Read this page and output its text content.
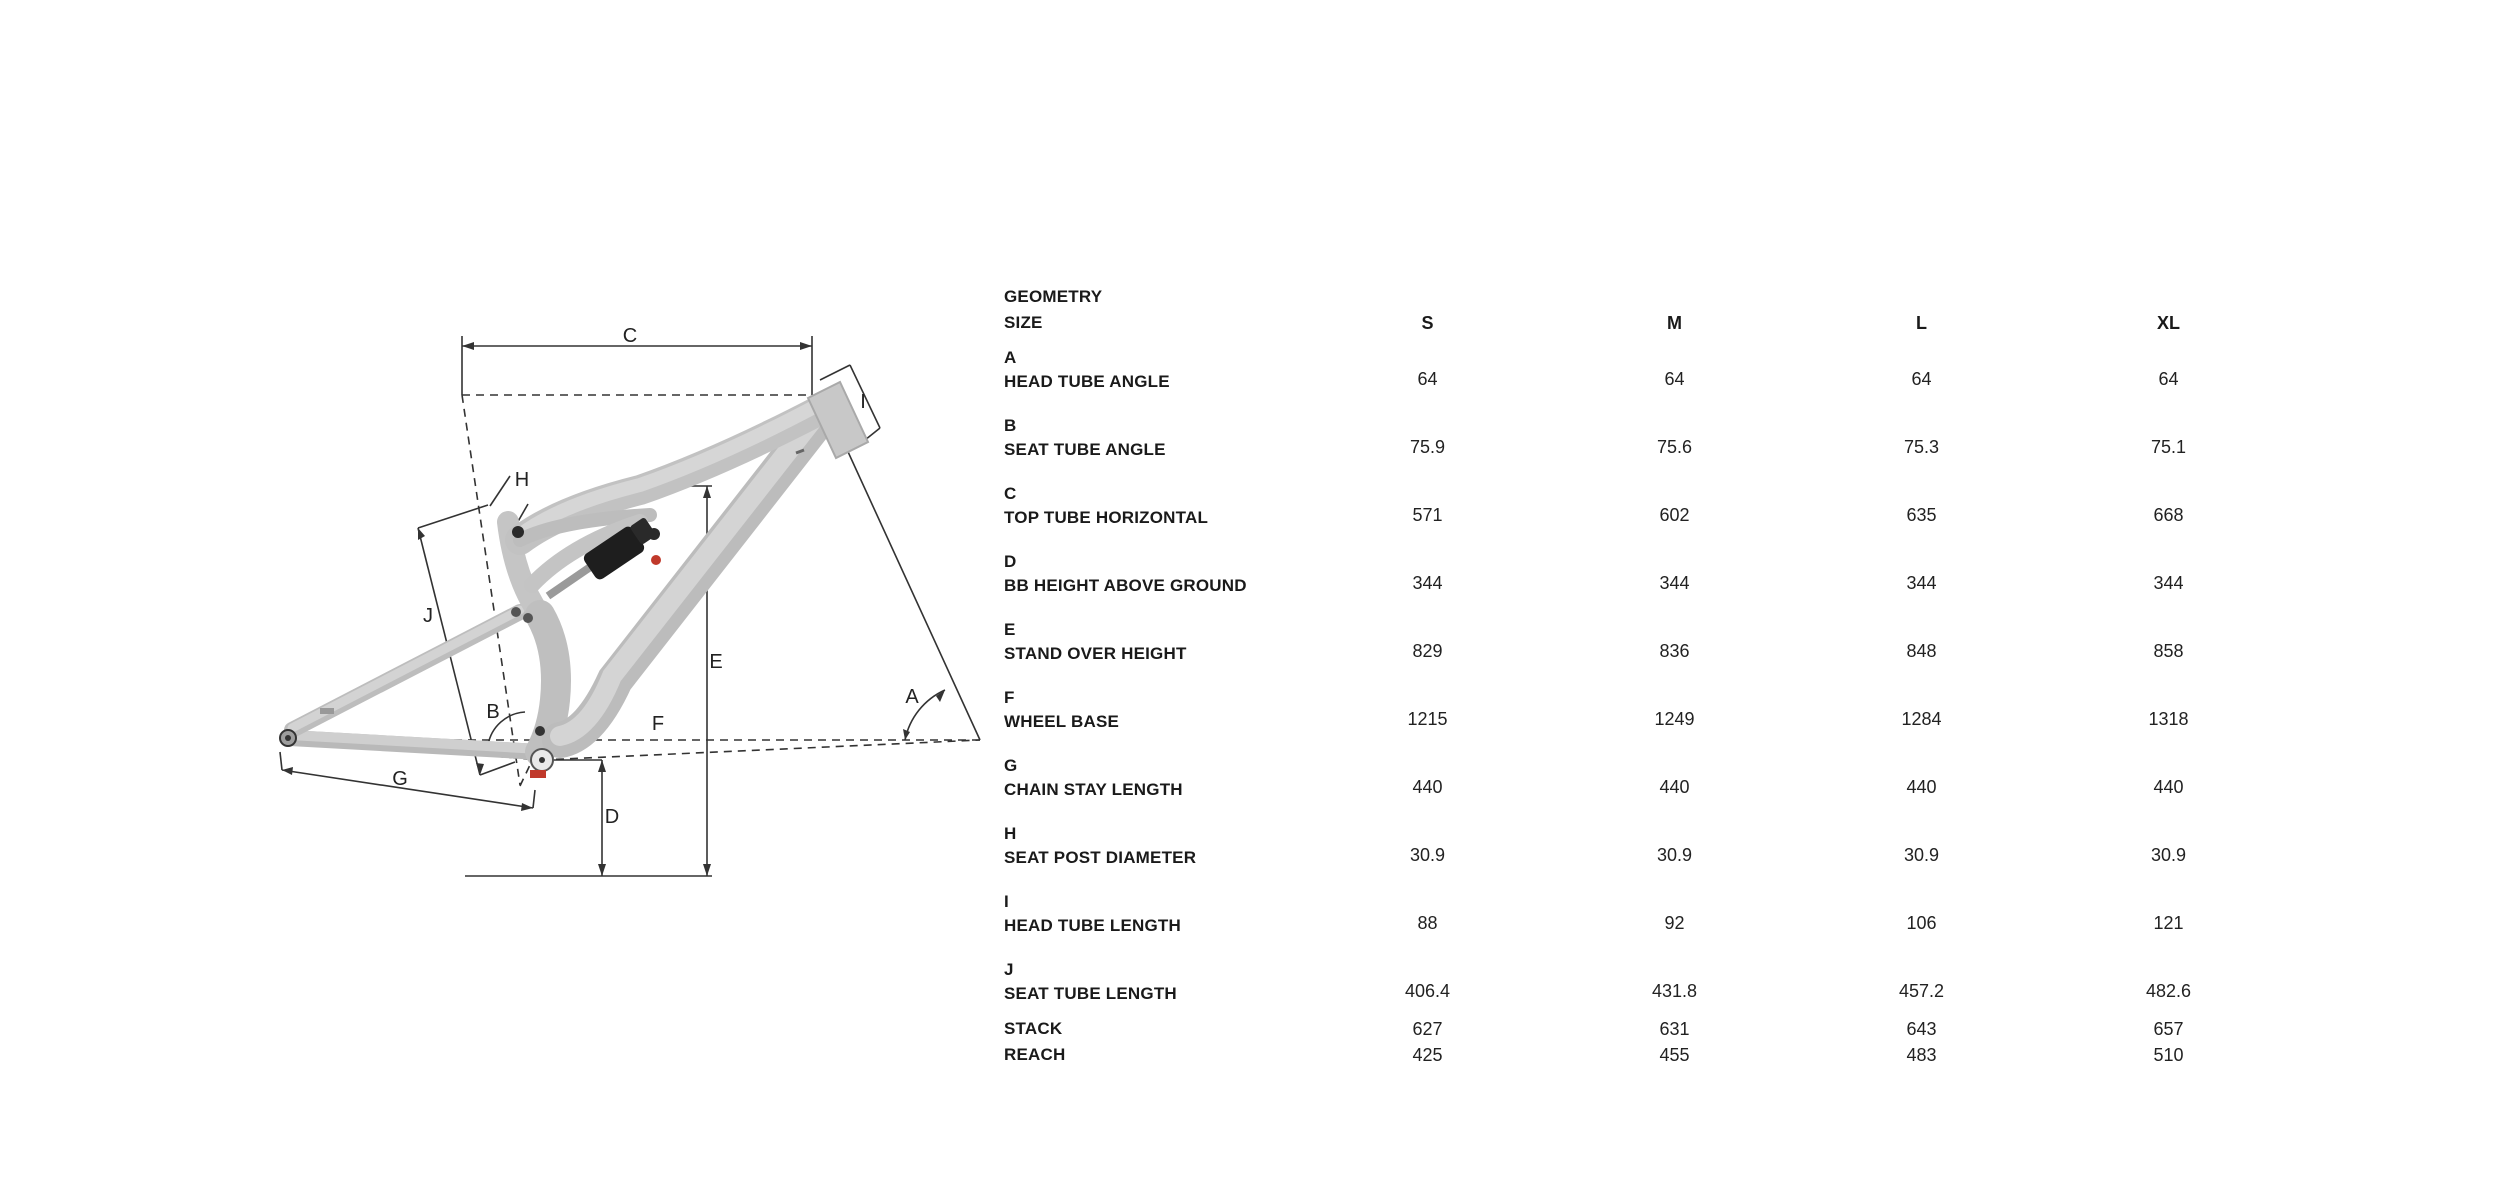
C
I
H
J
E
B
A
F
G
D
GEOMETRY				
SIZE	S	M	L	XL

A
HEAD TUBE ANGLE	64	64	64	64

B
SEAT TUBE ANGLE	75.9	75.6	75.3	75.1

C
TOP TUBE HORIZONTAL	571	602	635	668

D
BB HEIGHT ABOVE GROUND	344	344	344	344

E
STAND OVER HEIGHT	829	836	848	858

F
WHEEL BASE	1215	1249	1284	1318

G
CHAIN STAY LENGTH	440	440	440	440

H
SEAT POST DIAMETER	30.9	30.9	30.9	30.9

I
HEAD TUBE LENGTH	88	92	106	121

J
SEAT TUBE LENGTH	406.4	431.8	457.2	482.6

STACK	627	631	643	657

REACH	425	455	483	510
